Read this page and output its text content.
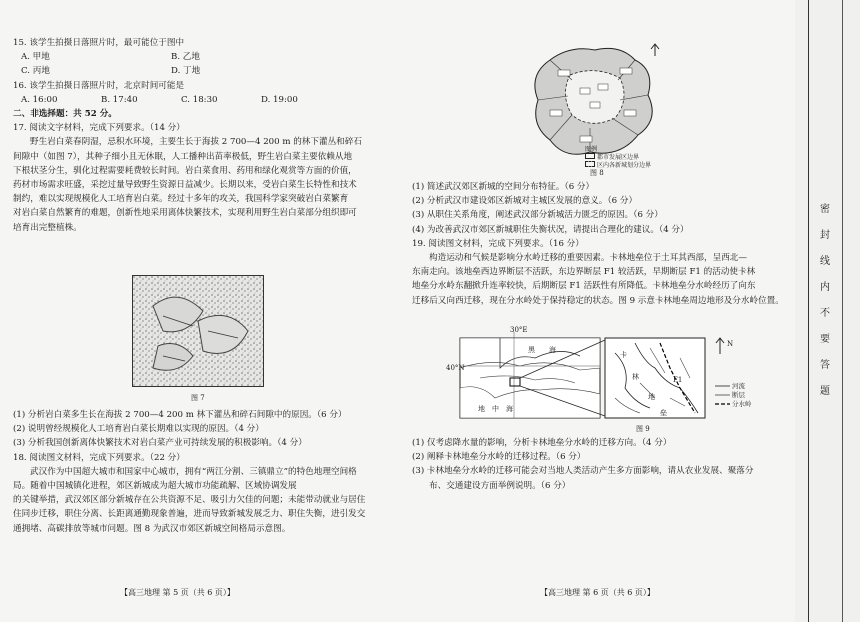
15. 该学生拍摄日落照片时，最可能位于图中

A. 甲地	B. 乙地
C. 丙地	D. 丁地

16. 该学生拍摄日落照片时，北京时间可能是

A. 16:00	B. 17:40	C. 18:30	D. 19:00

二、非选择题：共 52 分。

17. 阅读文字材料，完成下列要求。（14 分）

野生岩白菜春阴湿，忌积水环境，主要生长于海拔 2 700—4 200 m 的林下灌丛和碎石

间隙中（如图 7），其种子细小且无休眠，人工播种出苗率极低，野生岩白菜主要依赖从地

下根状茎分生，驯化过程需要耗费较长时间。岩白菜食用、药用和绿化观赏等方面的价值，

药材市场需求旺盛，采挖过量导致野生资源日益减少。长期以来，受岩白菜生长特性和技术

制约，难以实现规模化人工培育岩白菜。经过十多年的攻关，我国科学家突破岩白菜繁育

对岩白菜自然繁育的难题，创新性地采用离体快繁技术，实现利用野生岩白菜部分组织即可

培育出完整植株。

图 7

(1) 分析岩白菜多生长在海拔 2 700—4 200 m 林下灌丛和碎石间隙中的原因。（6 分）

(2) 说明曾经规模化人工培育岩白菜长期难以实现的原因。（4 分）

(3) 分析我国创新离体快繁技术对岩白菜产业可持续发展的积极影响。（4 分）

18. 阅读图文材料，完成下列要求。（22 分）

武汉作为中国超大城市和国家中心城市，拥有“两江分割、三镇鼎立”的特色地理空间格

局。随着中国城镇化进程，郊区新城成为超大城市功能疏解、区域协调发展

的关键举措，武汉郊区部分新城存在公共资源不足、吸引力欠佳的问题；未能带动就业与居住

住同步迁移，职住分离、长距离通勤现象普遍，进而导致新城发展乏力、职住失衡，进引发交

通拥堵、高碳排放等城市问题。图 8 为武汉市郊区新城空间格局示意图。

【高三地理 第 5 页（共 6 页）】
图例
都市发展区边界
区内各新城划分边界
图 8

(1) 简述武汉郊区新城的空间分布特征。（6 分）

(2) 分析武汉市建设郊区新城对主城区发展的意义。（6 分）

(3) 从职住关系角度，阐述武汉部分新城活力匮乏的原因。（6 分）

(4) 为改善武汉市郊区新城职住失衡状况，请提出合理化的建议。（4 分）

19. 阅读图文材料，完成下列要求。（16 分）

构造运动和气候是影响分水岭迁移的重要因素。卡林地垒位于土耳其西部，呈西北—

东南走向。该地垒西边界断层不活跃，东边界断层 F1 较活跃，早期断层 F1 的活动使卡林

地垒分水岭东翻掀升连率较快，后期断层 F1 活跃性有所降低。卡林地垒分水岭经历了向东

迁移后又向西迁移，现在分水岭处于保持稳定的状态。图 9 示意卡林地垒周边地形及分水岭位置。

30°E
40°N
黑　　海
地　中　海
卡
林
地
垒
F1
N
河流
断层
分水岭
图 9

(1) 仅考虑降水量的影响，分析卡林地垒分水岭的迁移方向。（4 分）

(2) 阐释卡林地垒分水岭的迁移过程。（6 分）

(3) 卡林地垒分水岭的迁移可能会对当地人类活动产生多方面影响，请从农业发展、聚落分

布、交通建设方面举例说明。（6 分）

【高三地理 第 6 页（共 6 页）】
密
封
线
内
不
要
答
题
